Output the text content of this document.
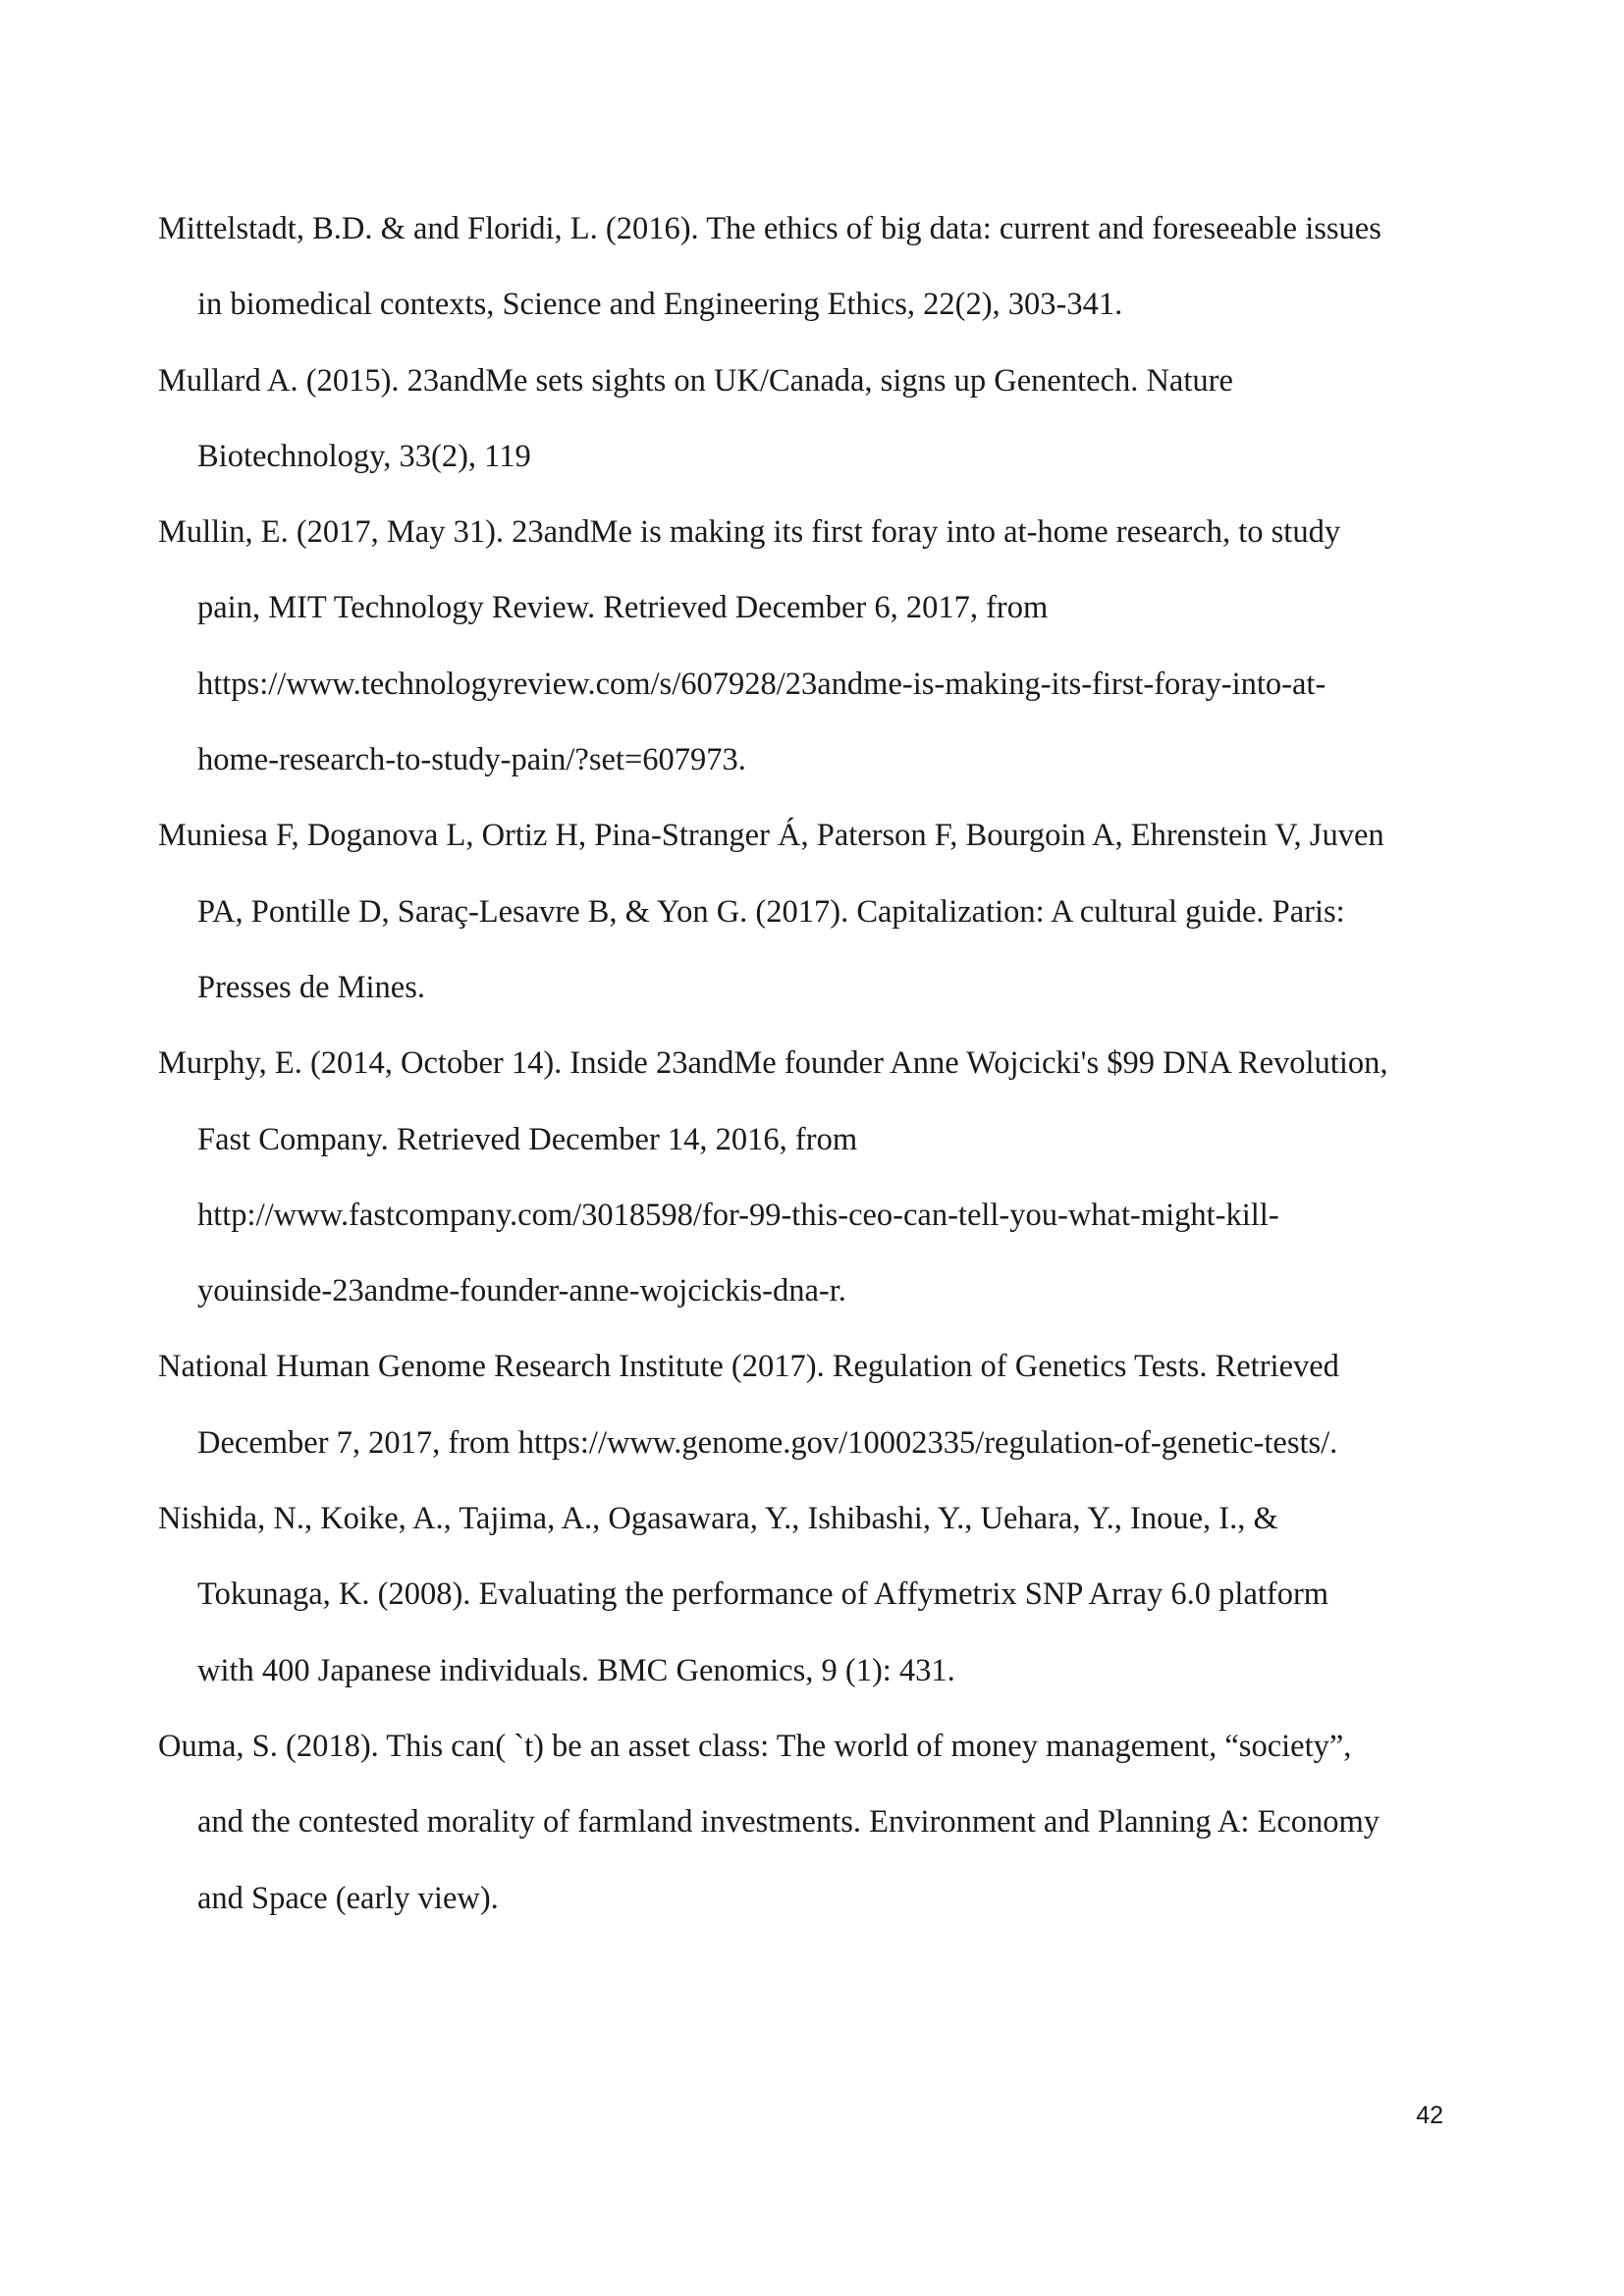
Mittelstadt, B.D. & and Floridi, L. (2016). The ethics of big data: current and foreseeable issues
in biomedical contexts, Science and Engineering Ethics, 22(2), 303-341.
Mullard A. (2015). 23andMe sets sights on UK/Canada, signs up Genentech. Nature
Biotechnology, 33(2), 119
Mullin, E. (2017, May 31). 23andMe is making its first foray into at-home research, to study
pain, MIT Technology Review. Retrieved December 6, 2017, from
https://www.technologyreview.com/s/607928/23andme-is-making-its-first-foray-into-at-
home-research-to-study-pain/?set=607973.
Muniesa F, Doganova L, Ortiz H, Pina-Stranger Á, Paterson F, Bourgoin A, Ehrenstein V, Juven
PA, Pontille D, Saraç-Lesavre B, & Yon G. (2017). Capitalization: A cultural guide. Paris:
Presses de Mines.
Murphy, E. (2014, October 14). Inside 23andMe founder Anne Wojcicki's $99 DNA Revolution,
Fast Company. Retrieved December 14, 2016, from
http://www.fastcompany.com/3018598/for-99-this-ceo-can-tell-you-what-might-kill-
youinside-23andme-founder-anne-wojcickis-dna-r.
National Human Genome Research Institute (2017). Regulation of Genetics Tests. Retrieved
December 7, 2017, from https://www.genome.gov/10002335/regulation-of-genetic-tests/.
Nishida, N., Koike, A., Tajima, A., Ogasawara, Y., Ishibashi, Y., Uehara, Y., Inoue, I., &
Tokunaga, K. (2008). Evaluating the performance of Affymetrix SNP Array 6.0 platform
with 400 Japanese individuals. BMC Genomics, 9 (1): 431.
Ouma, S. (2018). This can( `t) be an asset class: The world of money management, “society”,
and the contested morality of farmland investments. Environment and Planning A: Economy
and Space (early view).
42
